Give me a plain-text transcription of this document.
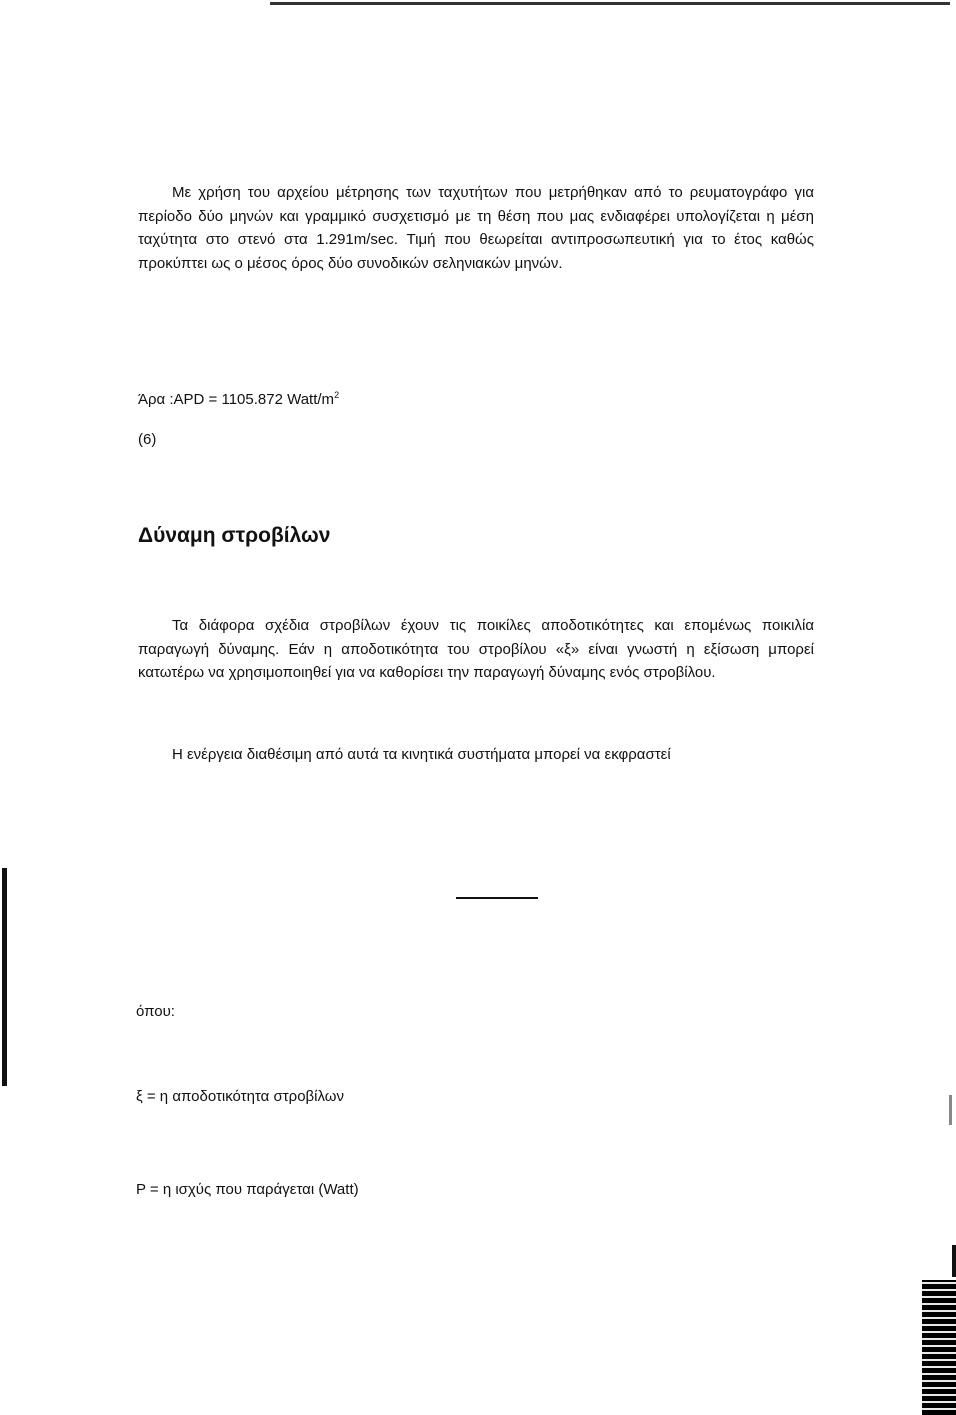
Με χρήση του αρχείου μέτρησης των ταχυτήτων που μετρήθηκαν από το ρευματογράφο για περίοδο δύο μηνών και γραμμικό συσχετισμό με τη θέση που μας ενδιαφέρει υπολογίζεται η μέση ταχύτητα στο στενό στα 1.291m/sec. Τιμή που θεωρείται αντιπροσωπευτική για το έτος καθώς προκύπτει ως ο μέσος όρος δύο συνοδικών σεληνιακών μηνών.

Άρα :APD = 1105.872 Watt/$m^2$

(6)

Δύναμη στροβίλων

Τα διάφορα σχέδια στροβίλων έχουν τις ποικίλες αποδοτικότητες και επομένως ποικιλία παραγωγή δύναμης. Εάν η αποδοτικότητα του στροβίλου «ξ» είναι γνωστή η εξίσωση μπορεί κατωτέρω να χρησιμοποιηθεί για να καθορίσει την παραγωγή δύναμης ενός στροβίλου.

Η ενέργεια διαθέσιμη από αυτά τα κινητικά συστήματα μπορεί να εκφραστεί

όπου:

ξ = η αποδοτικότητα στροβίλων

P = η ισχύς που παράγεται (Watt)
